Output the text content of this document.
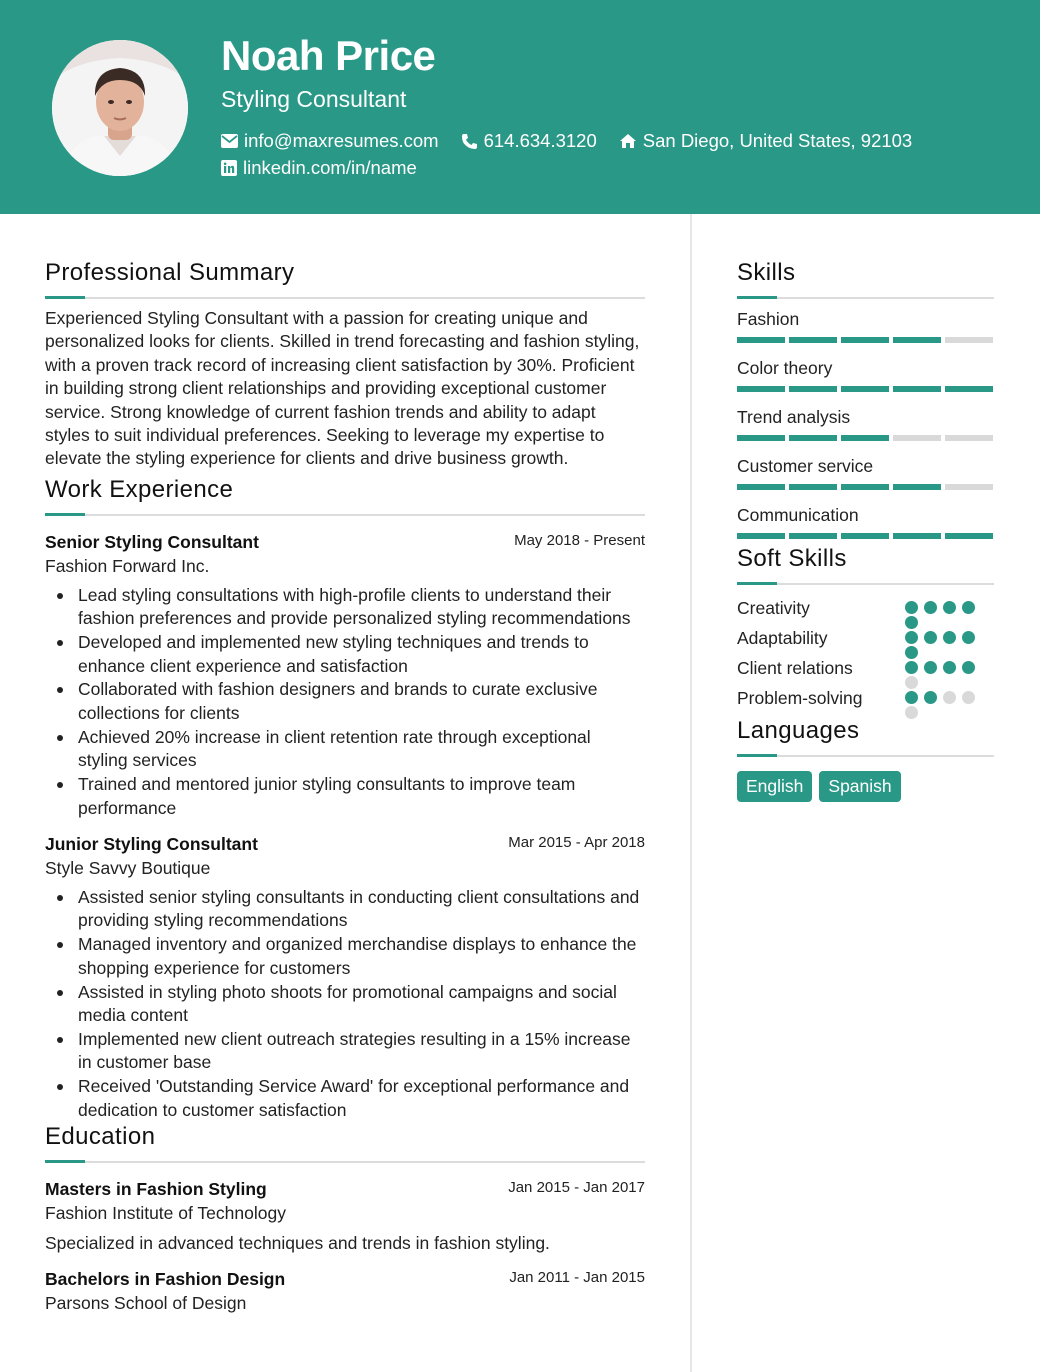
Noah Price
Styling Consultant
info@maxresumes.com 614.634.3120 San Diego, United States, 92103
linkedin.com/in/name
Professional Summary
Experienced Styling Consultant with a passion for creating unique and personalized looks for clients. Skilled in trend forecasting and fashion styling, with a proven track record of increasing client satisfaction by 30%. Proficient in building strong client relationships and providing exceptional customer service. Strong knowledge of current fashion trends and ability to adapt styles to suit individual preferences. Seeking to leverage my expertise to elevate the styling experience for clients and drive business growth.
Work Experience
Senior Styling Consultant	May 2018 - Present
Fashion Forward Inc.
Lead styling consultations with high-profile clients to understand their fashion preferences and provide personalized styling recommendations
Developed and implemented new styling techniques and trends to enhance client experience and satisfaction
Collaborated with fashion designers and brands to curate exclusive collections for clients
Achieved 20% increase in client retention rate through exceptional styling services
Trained and mentored junior styling consultants to improve team performance
Junior Styling Consultant	Mar 2015 - Apr 2018
Style Savvy Boutique
Assisted senior styling consultants in conducting client consultations and providing styling recommendations
Managed inventory and organized merchandise displays to enhance the shopping experience for customers
Assisted in styling photo shoots for promotional campaigns and social media content
Implemented new client outreach strategies resulting in a 15% increase in customer base
Received 'Outstanding Service Award' for exceptional performance and dedication to customer satisfaction
Education
Masters in Fashion Styling	Jan 2015 - Jan 2017
Fashion Institute of Technology
Specialized in advanced techniques and trends in fashion styling.
Bachelors in Fashion Design	Jan 2011 - Jan 2015
Parsons School of Design
Skills
Fashion
Color theory
Trend analysis
Customer service
Communication
Soft Skills
Creativity
Adaptability
Client relations
Problem-solving
Languages
English	Spanish
